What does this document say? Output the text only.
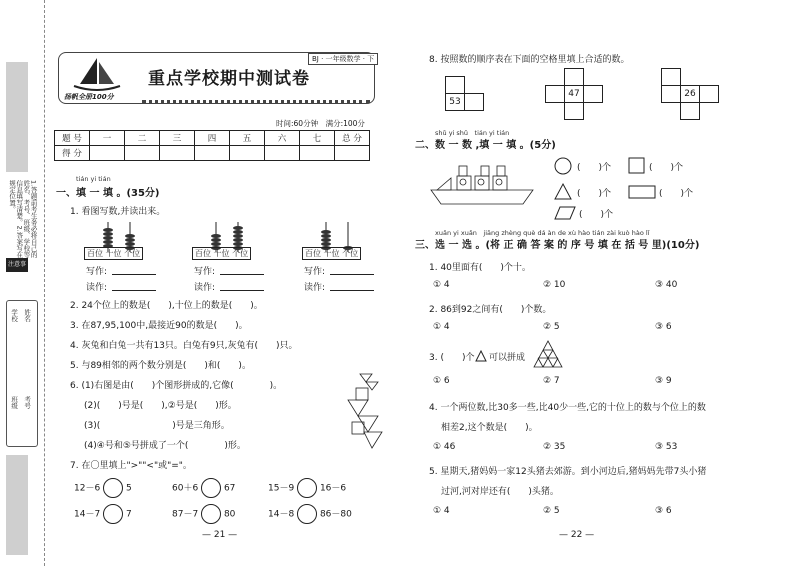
1.答题前考生务必将自己的姓名、考号、班级、学校等信息填写清楚。2.答案写在规定位置。
注意事项
学校
班级
姓名
考号
扬帆全册100分
重点学校期中测试卷
BJ · 一年级数学 · 下
时间:60分钟　满分:100分
题 号	一	二	三	四	五	六	七	总 分
得 分								
tián yi tián
一、填 一 填 。(35分)
1. 看图写数,并读出来。
百位 十位 个位
写作:
读作:
百位 十位 个位
写作:
读作:
百位 十位 个位
写作:
读作:
2. 24个位上的数是(　　),十位上的数是(　　)。
3. 在87,95,100中,最接近90的数是(　　)。
4. 灰兔和白兔一共有13只。白兔有9只,灰兔有(　　)只。
5. 与89相邻的两个数分别是(　　)和(　　)。
6. (1)右图是由(　　)个图形拼成的,它像(　　　　)。
(2)(　　)号是(　　),②号是(　　)形。
(3)(　　　　　　　　)号是三角形。
(4)④号和⑤号拼成了一个(　　　　)形。
7. 在〇里填上">""<"或"="。
12－6	5	60＋6	67	15－9	16－6
14－7	7	87－7	80	14－8	86－80
— 21 —
8. 按照数的顺序表在下面的空格里填上合适的数。
53
47	26
shǔ yi shǔ　tián yi tián
二、数 一 数 ,填 一 填 。(5分)
(　　)个	(　　)个
(　　)个	(　　)个
(　　)个
xuǎn yi xuǎn　jiāng zhèng què dá àn de xù hào tián zài kuò hào lǐ
三、选 一 选 。(将 正 确 答 案 的 序 号 填 在 括 号 里)(10分)
1. 40里面有(　　)个十。
① 4	② 10	③ 40
2. 86到92之间有(　　)个数。
① 4	② 5	③ 6
3. (　　)个 可以拼成
① 6	② 7	③ 9
4. 一个两位数,比30多一些,比40少一些,它的十位上的数与个位上的数
相差2,这个数是(　　)。
① 46	② 35	③ 53
5. 星期天,猪妈妈一家12头猪去郊游。到小河边后,猪妈妈先带7头小猪
过河,河对岸还有(　　)头猪。
① 4	② 5	③ 6
— 22 —
